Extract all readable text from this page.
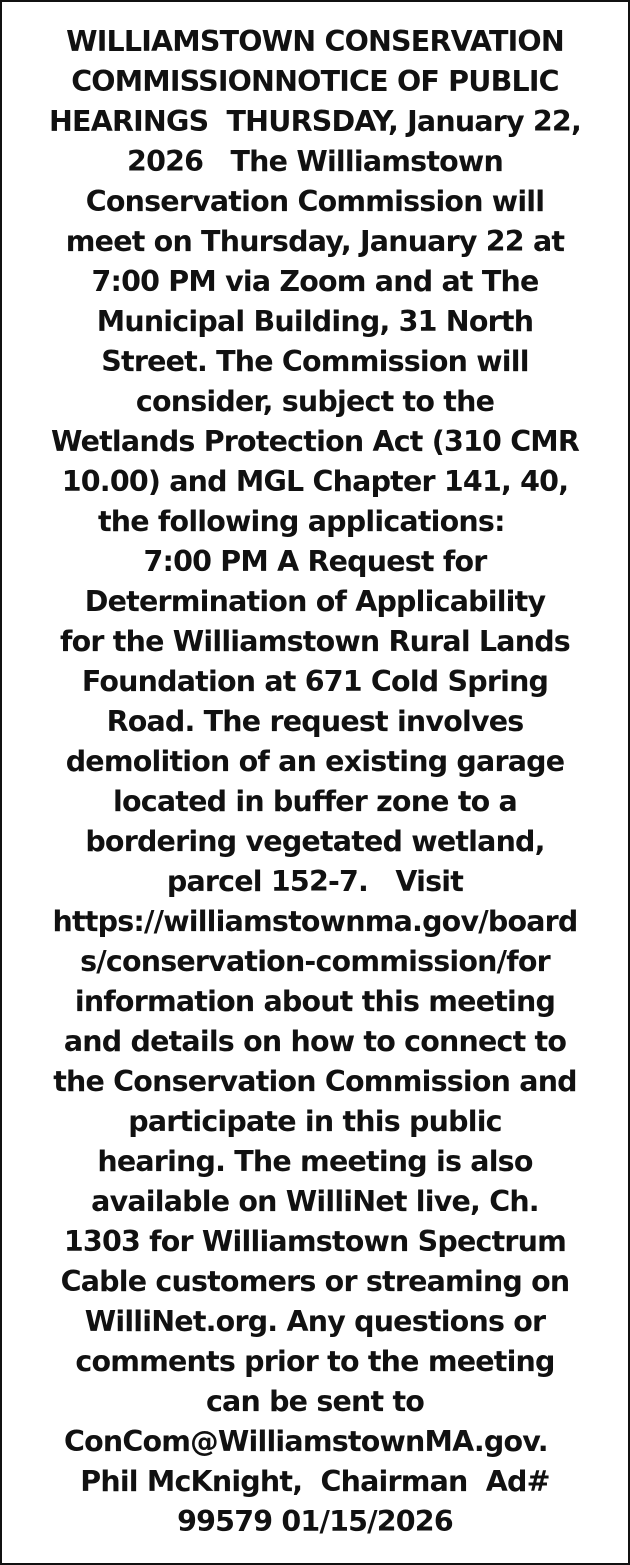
WILLIAMSTOWN CONSERVATION
COMMISSIONNOTICE OF PUBLIC
HEARINGS  THURSDAY, January 22,
2026   The Williamstown
Conservation Commission will
meet on Thursday, January 22 at
7:00 PM via Zoom and at The
Municipal Building, 31 North
Street. The Commission will
consider, subject to the
Wetlands Protection Act (310 CMR
10.00) and MGL Chapter 141, 40,
the following applications:
7:00 PM A Request for
Determination of Applicability
for the Williamstown Rural Lands
Foundation at 671 Cold Spring
Road. The request involves
demolition of an existing garage
located in buffer zone to a
bordering vegetated wetland,
parcel 152-7.   Visit
https://williamstownma.gov/board
s/conservation-commission/for
information about this meeting
and details on how to connect to
the Conservation Commission and
participate in this public
hearing. The meeting is also
available on WilliNet live, Ch.
1303 for Williamstown Spectrum
Cable customers or streaming on
WilliNet.org. Any questions or
comments prior to the meeting
can be sent to
ConCom@WilliamstownMA.gov.
Phil McKnight,  Chairman  Ad#
99579 01/15/2026
